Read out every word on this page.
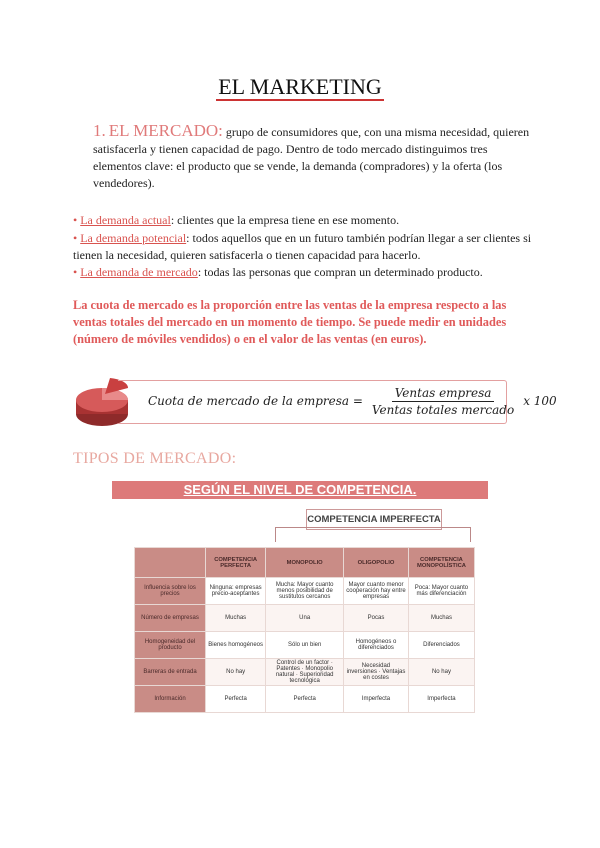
EL MARKETING
1. EL MERCADO: grupo de consumidores que, con una misma necesidad, quieren satisfacerla y tienen capacidad de pago. Dentro de todo mercado distinguimos tres elementos clave: el producto que se vende, la demanda (compradores) y la oferta (los vendedores).
• La demanda actual: clientes que la empresa tiene en ese momento.
• La demanda potencial: todos aquellos que en un futuro también podrían llegar a ser clientes si tienen la necesidad, quieren satisfacerla o tienen capacidad para hacerlo.
• La demanda de mercado: todas las personas que compran un determinado producto.
La cuota de mercado es la proporción entre las ventas de la empresa respecto a las ventas totales del mercado en un momento de tiempo. Se puede medir en unidades (número de móviles vendidos) o en el valor de las ventas (en euros).
Cuota de mercado de la empresa = $\frac{\text{Ventas empresa}}{\text{Ventas totales mercado}}$ x 100
TIPOS DE MERCADO:
SEGÚN EL NIVEL DE COMPETENCIA.
COMPETENCIA IMPERFECTA
	COMPETENCIA PERFECTA	MONOPOLIO	OLIGOPOLIO	COMPETENCIA MONOPOLÍSTICA
Influencia sobre los precios	Ninguna: empresas precio-aceptantes	Mucha: Mayor cuanto menos posibilidad de sustitutos cercanos	Mayor cuanto menor cooperación hay entre empresas	Poca: Mayor cuanto más diferenciación
Número de empresas	Muchas	Una	Pocas	Muchas
Homogeneidad del producto	Bienes homogéneos	Sólo un bien	Homogéneos o diferenciados	Diferenciados
Barreras de entrada	No hay	Control de un factor · Patentes · Monopolio natural · Superioridad tecnológica	Necesidad inversiones · Ventajas en costes	No hay
Información	Perfecta	Perfecta	Imperfecta	Imperfecta
